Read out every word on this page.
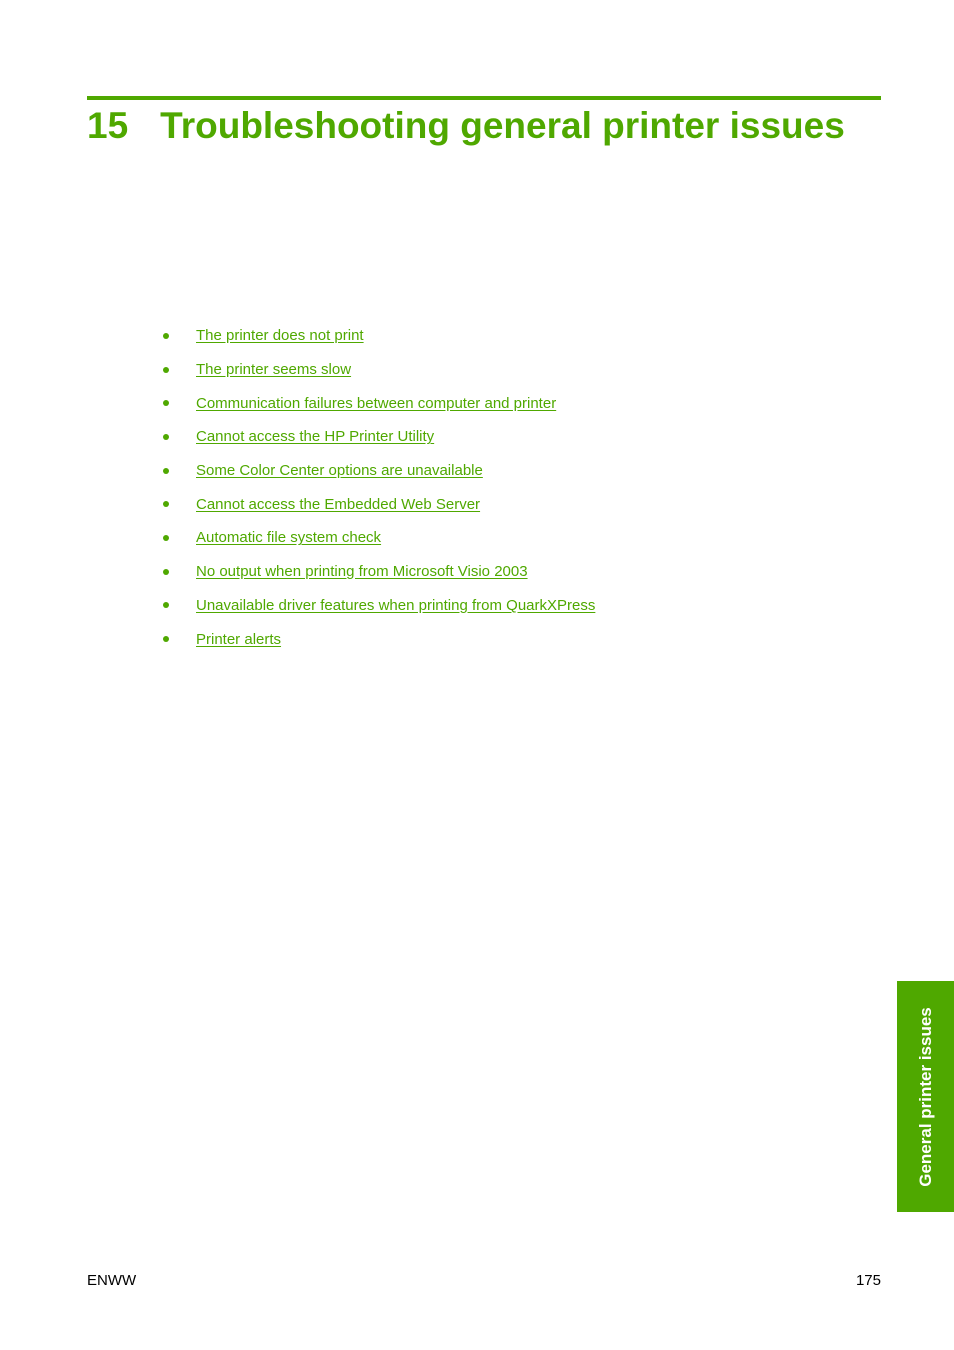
15 Troubleshooting general printer issues
The printer does not print
The printer seems slow
Communication failures between computer and printer
Cannot access the HP Printer Utility
Some Color Center options are unavailable
Cannot access the Embedded Web Server
Automatic file system check
No output when printing from Microsoft Visio 2003
Unavailable driver features when printing from QuarkXPress
Printer alerts
General printer issues
ENWW	175
